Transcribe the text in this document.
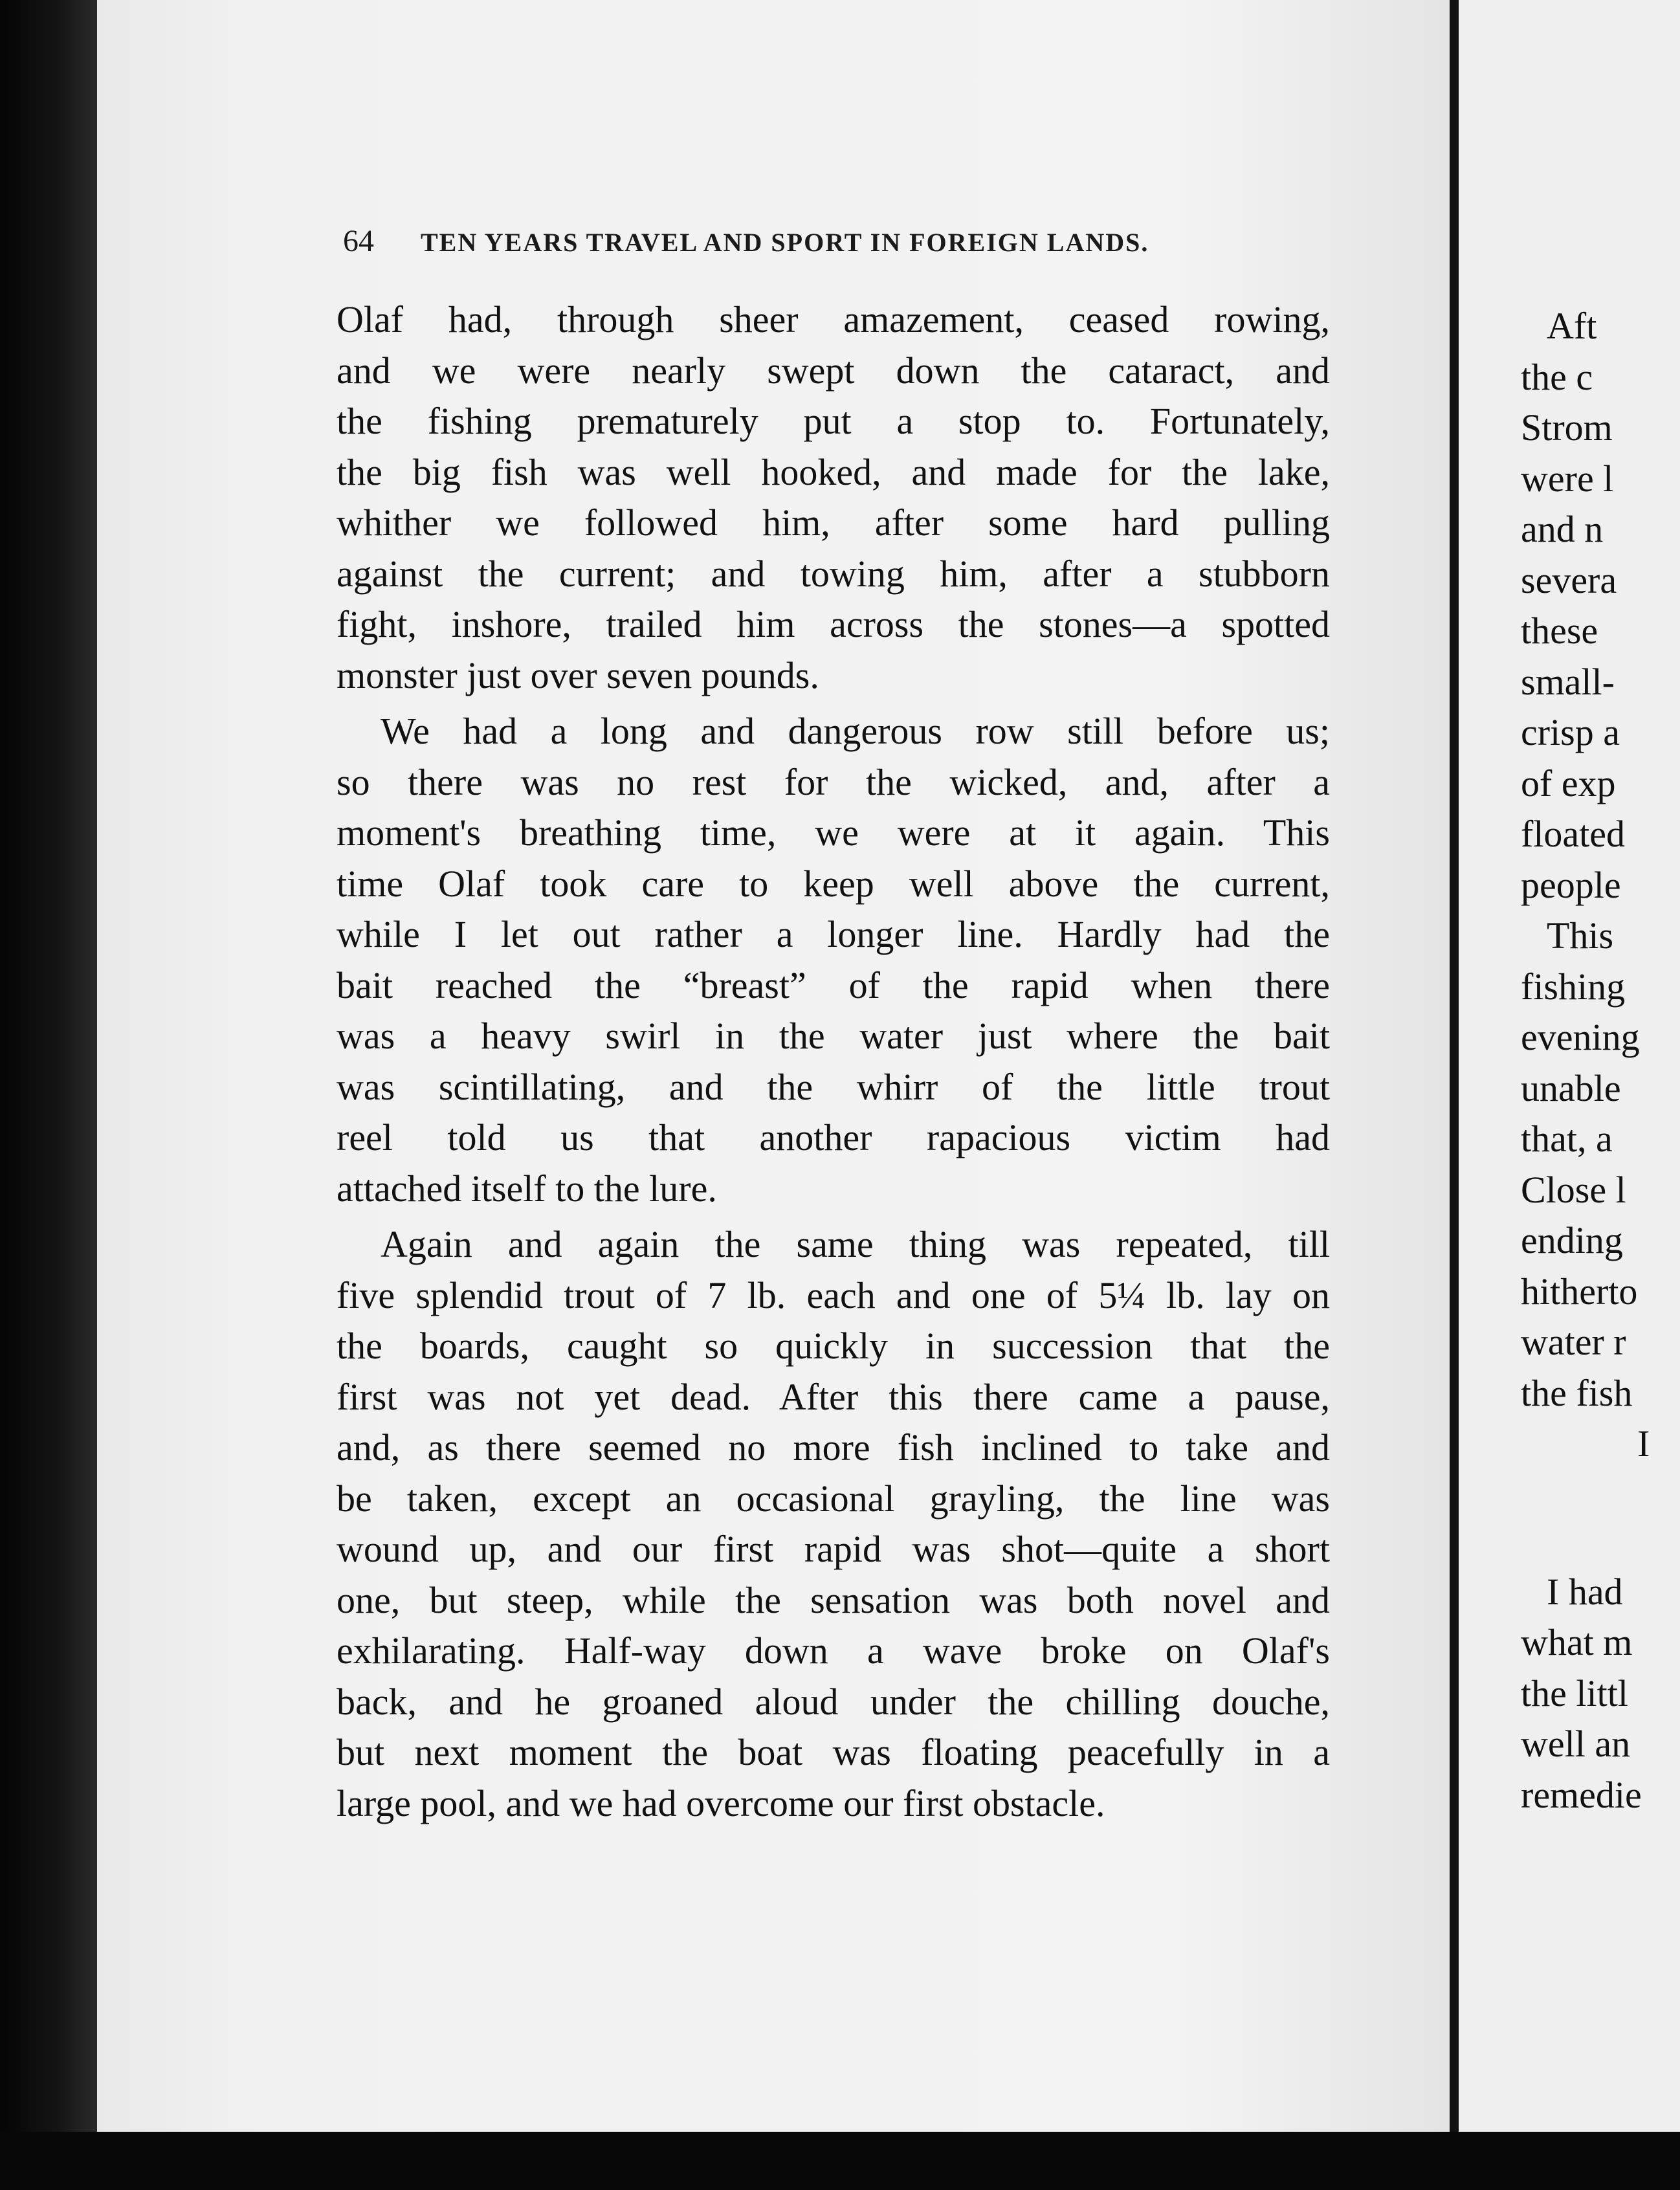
64	TEN YEARS TRAVEL AND SPORT IN FOREIGN LANDS.
Olaf had, through sheer amazement, ceased rowing,
and we were nearly swept down the cataract, and
the fishing prematurely put a stop to. Fortunately,
the big fish was well hooked, and made for the lake,
whither we followed him, after some hard pulling
against the current; and towing him, after a stubborn
fight, inshore, trailed him across the stones—a spotted
monster just over seven pounds.
We had a long and dangerous row still before us;
so there was no rest for the wicked, and, after a
moment's breathing time, we were at it again. This
time Olaf took care to keep well above the current,
while I let out rather a longer line. Hardly had the
bait reached the “breast” of the rapid when there
was a heavy swirl in the water just where the bait
was scintillating, and the whirr of the little trout
reel told us that another rapacious victim had
attached itself to the lure.
Again and again the same thing was repeated, till
five splendid trout of 7 lb. each and one of 5¼ lb. lay on
the boards, caught so quickly in succession that the
first was not yet dead. After this there came a pause,
and, as there seemed no more fish inclined to take and
be taken, except an occasional grayling, the line was
wound up, and our first rapid was shot—quite a short
one, but steep, while the sensation was both novel and
exhilarating. Half-way down a wave broke on Olaf's
back, and he groaned aloud under the chilling douche,
but next moment the boat was floating peacefully in a
large pool, and we had overcome our first obstacle.
Aft
the c
Strom
were l
and n
severa
these
small-
crisp a
of exp
floated
people
This
fishing
evening
unable
that, a
Close l
ending
hitherto
water r
the fish
I
I had
what m
the littl
well an
remedie
